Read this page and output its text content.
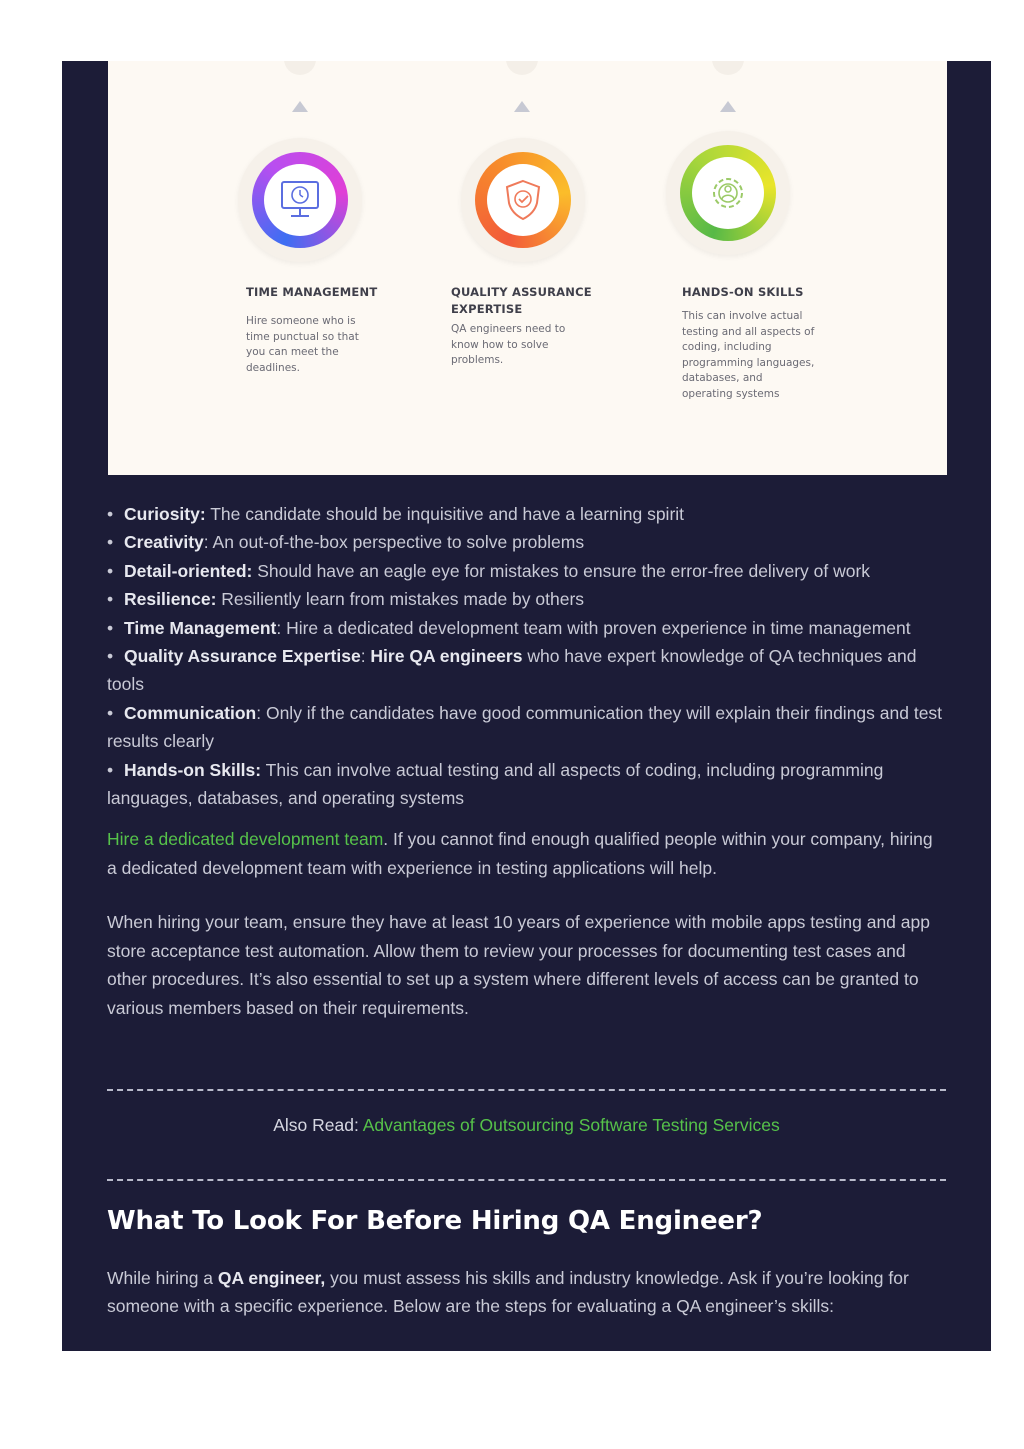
TIME MANAGEMENT
Hire someone who is time punctual so that you can meet the deadlines.
QUALITY ASSURANCE EXPERTISE
QA engineers need to know how to solve problems.
HANDS-ON SKILLS
This can involve actual testing and all aspects of coding, including programming languages, databases, and operating systems
• Curiosity: The candidate should be inquisitive and have a learning spirit
• Creativity: An out-of-the-box perspective to solve problems
• Detail-oriented: Should have an eagle eye for mistakes to ensure the error-free delivery of work
• Resilience: Resiliently learn from mistakes made by others
• Time Management: Hire a dedicated development team with proven experience in time management
• Quality Assurance Expertise: Hire QA engineers who have expert knowledge of QA techniques and tools
• Communication: Only if the candidates have good communication they will explain their findings and test results clearly
• Hands-on Skills: This can involve actual testing and all aspects of coding, including programming languages, databases, and operating systems

Hire a dedicated development team. If you cannot find enough qualified people within your company, hiring a dedicated development team with experience in testing applications will help.

When hiring your team, ensure they have at least 10 years of experience with mobile apps testing and app store acceptance test automation. Allow them to review your processes for documenting test cases and other procedures. It’s also essential to set up a system where different levels of access can be granted to various members based on their requirements.

Also Read: Advantages of Outsourcing Software Testing Services
What To Look For Before Hiring QA Engineer?

While hiring a QA engineer, you must assess his skills and industry knowledge. Ask if you’re looking for someone with a specific experience. Below are the steps for evaluating a QA engineer’s skills:
